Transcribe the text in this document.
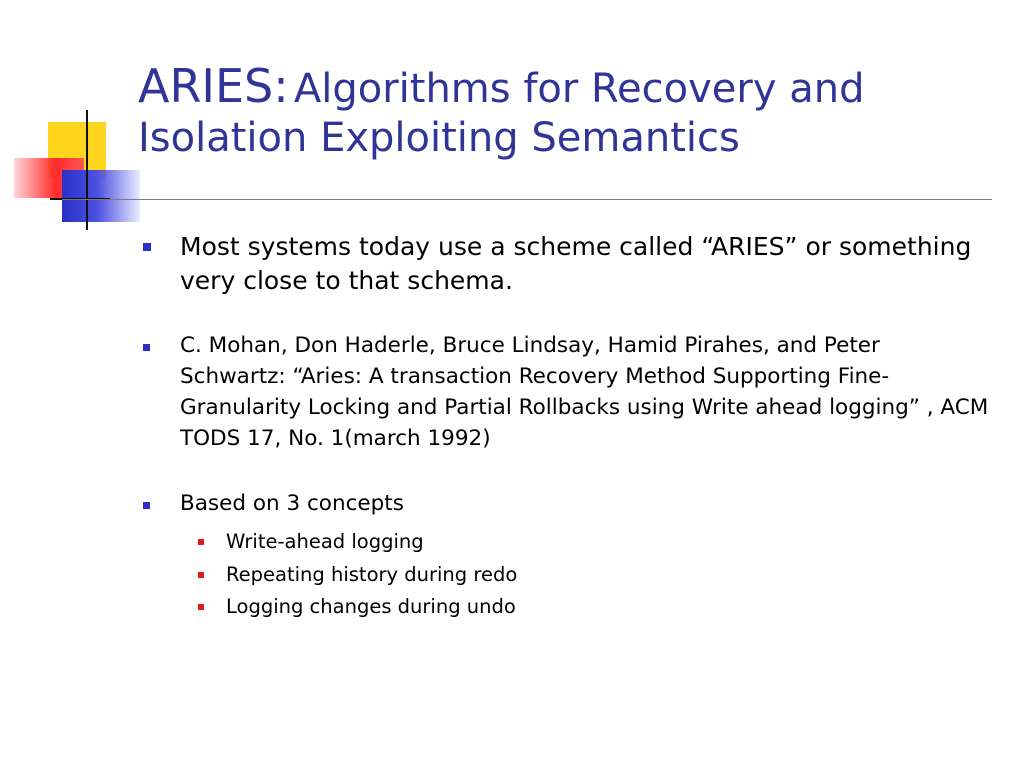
ARIES: Algorithms for Recovery and Isolation Exploiting Semantics
Most systems today use a scheme called “ARIES” or something very close to that schema.
C. Mohan, Don Haderle, Bruce Lindsay, Hamid Pirahes, and Peter Schwartz: “Aries: A transaction Recovery Method Supporting Fine-Granularity Locking and Partial Rollbacks using Write ahead logging” , ACM TODS 17, No. 1(march 1992)
Based on 3 concepts
Write-ahead logging
Repeating history during redo
Logging changes during undo
